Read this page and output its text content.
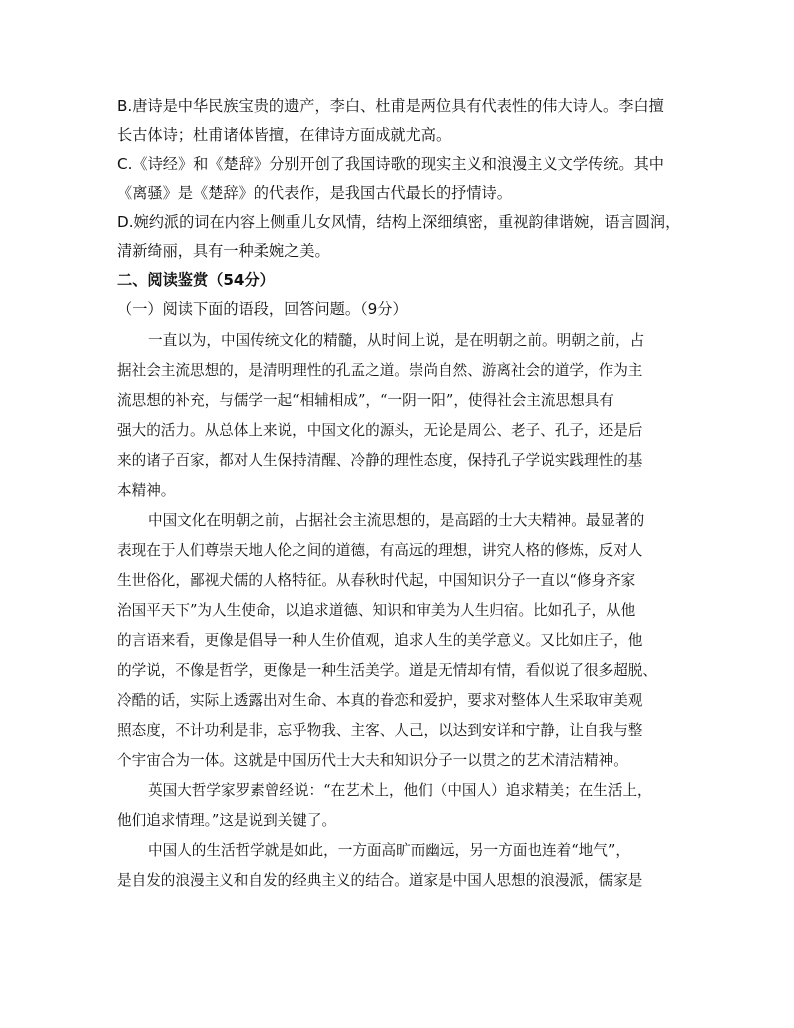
B.唐诗是中华民族宝贵的遗产，李白、杜甫是两位具有代表性的伟大诗人。李白擅
长古体诗；杜甫诸体皆擅，在律诗方面成就尤高。
C.《诗经》和《楚辞》分别开创了我国诗歌的现实主义和浪漫主义文学传统。其中
《离骚》是《楚辞》的代表作，是我国古代最长的抒情诗。
D.婉约派的词在内容上侧重儿女风情，结构上深细缜密，重视韵律谐婉，语言圆润，
清新绮丽，具有一种柔婉之美。
二、阅读鉴赏（54分）
（一）阅读下面的语段，回答问题。（9分）
一直以为，中国传统文化的精髓，从时间上说，是在明朝之前。明朝之前，占
据社会主流思想的，是清明理性的孔孟之道。崇尚自然、游离社会的道学，作为主
流思想的补充，与儒学一起“相辅相成”，“一阴一阳”，使得社会主流思想具有
强大的活力。从总体上来说，中国文化的源头，无论是周公、老子、孔子，还是后
来的诸子百家，都对人生保持清醒、冷静的理性态度，保持孔子学说实践理性的基
本精神。
中国文化在明朝之前，占据社会主流思想的，是高蹈的士大夫精神。最显著的
表现在于人们尊崇天地人伦之间的道德，有高远的理想，讲究人格的修炼，反对人
生世俗化，鄙视犬儒的人格特征。从春秋时代起，中国知识分子一直以“修身齐家
治国平天下”为人生使命，以追求道德、知识和审美为人生归宿。比如孔子，从他
的言语来看，更像是倡导一种人生价值观，追求人生的美学意义。又比如庄子，他
的学说，不像是哲学，更像是一种生活美学。道是无情却有情，看似说了很多超脱、
冷酷的话，实际上透露出对生命、本真的眷恋和爱护，要求对整体人生采取审美观
照态度，不计功利是非，忘乎物我、主客、人己，以达到安详和宁静，让自我与整
个宇宙合为一体。这就是中国历代士大夫和知识分子一以贯之的艺术清洁精神。
英国大哲学家罗素曾经说：“在艺术上，他们（中国人）追求精美；在生活上，
他们追求情理。”这是说到关键了。
中国人的生活哲学就是如此，一方面高旷而幽远，另一方面也连着“地气”，
是自发的浪漫主义和自发的经典主义的结合。道家是中国人思想的浪漫派，儒家是
